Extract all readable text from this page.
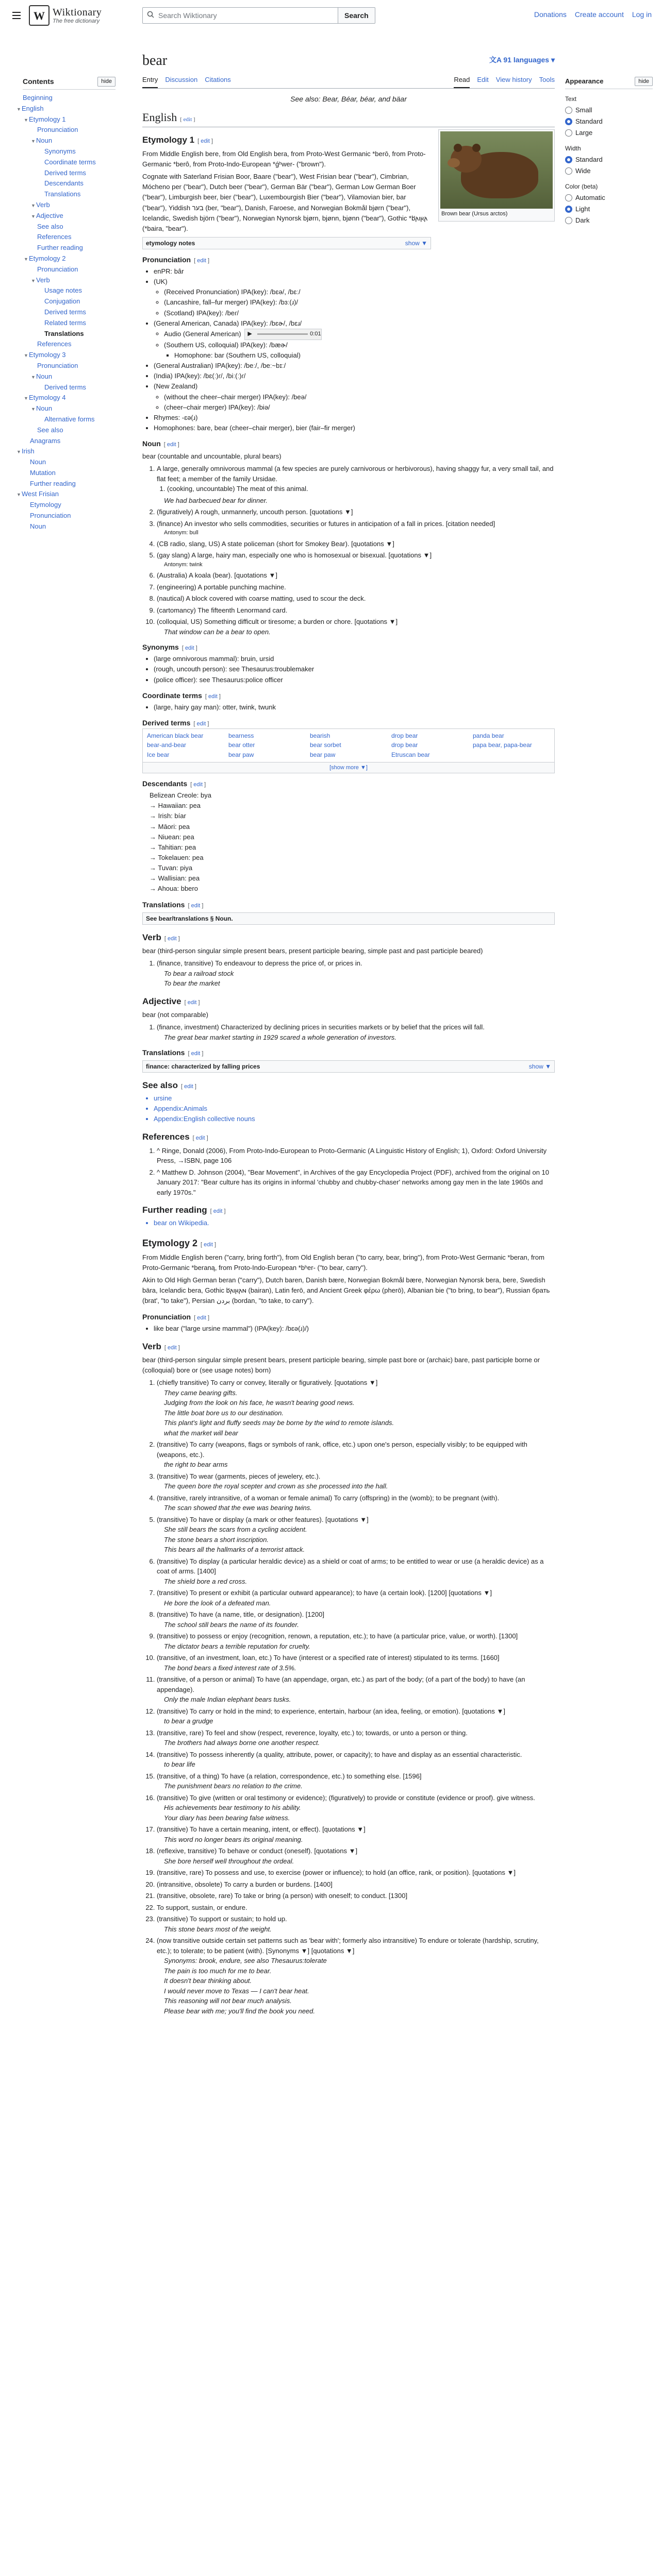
W Wiktionary
The free dictionary
Search Wiktionary	Search	Donations Create account Log in
Contents	hide
Beginning
▼English
▼Etymology 1
Pronunciation
▼Noun
Synonyms
Coordinate terms
Derived terms
Descendants
Translations
▼Verb
▼Adjective
See also
References
Further reading
▼Etymology 2
Pronunciation
▼Verb
Usage notes
Conjugation
Derived terms
Related terms
Translations
References
▼Etymology 3
Pronunciation
▼Noun
Derived terms
▼Etymology 4
▼Noun
Alternative forms
See also
Anagrams
▼Irish
Noun
Mutation
Further reading
▼West Frisian
Etymology
Pronunciation
Noun
Appearance	hide
Text
Small
Standard
Large
Width
Standard
Wide
Color (beta)
Automatic
Light
Dark
bear	文A 91 languages ▾
Entry Discussion Citations	Read Edit View history Tools
See also: Bear, Béar, béar, and bäar
English [ edit ]
Brown bear (Ursus arctos)
Etymology 1 [ edit ]

From Middle English bere, from Old English bera, from Proto-West Germanic *berō, from Proto-Germanic *berô, from Proto-Indo-European *ǵʰwer- ("brown").

Cognate with Saterland Frisian Boor, Baare ("bear"), West Frisian bear ("bear"), Cimbrian, Mócheno per ("bear"), Dutch beer ("bear"), German Bär ("bear"), German Low German Boer ("bear"), Limburgish beer, bier ("bear"), Luxembourgish Bier ("bear"), Vilamovian bier, bar ("bear"), Yiddish בער (ber, "bear"), Danish, Faroese, and Norwegian Bokmål bjørn ("bear"), Icelandic, Swedish björn ("bear"), Norwegian Nynorsk bjørn, bjønn, bjønn ("bear"), Gothic *𐌱𐌰𐌹𐍂𐌰 (*baira, "bear").

etymology notes	show ▼
Pronunciation [ edit ]
• enPR: bâr
• (UK)
◦ (Received Pronunciation) IPA(key): /bɛə/, /bɛː/
◦ (Lancashire, fall–fur merger) IPA(key): /bɜː(ɹ)/
◦ (Scotland) IPA(key): /beɾ/
• (General American, Canada) IPA(key): /bɛɚ/, /bɛɹ/
◦ Audio (General American)	▶	0:01
◦ (Southern US, colloquial) IPA(key): /bæɚ/
▪ Homophone: bar (Southern US, colloquial)
• (General Australian) IPA(key): /beː/, /beː~bɪː/
• (India) IPA(key): /bɛ(ː)ɾ/, /biː(ː)ɾ/
• (New Zealand)
◦ (without the cheer–chair merger) IPA(key): /beə/
◦ (cheer–chair merger) IPA(key): /biə/
• Rhymes: -ɛə(ɹ)
• Homophones: bare, bear (cheer–chair merger), bier (fair–fir merger)
Noun [ edit ]

bear (countable and uncountable, plural bears)

1. A large, generally omnivorous mammal (a few species are purely carnivorous or herbivorous), having shaggy fur, a very small tail, and flat feet; a member of the family Ursidae.
1. (cooking, uncountable) The meat of this animal.
We had barbecued bear for dinner.
2. (figuratively) A rough, unmannerly, uncouth person. [quotations ▼]
3. (finance) An investor who sells commodities, securities or futures in anticipation of a fall in prices. [citation needed]
Antonym: bull
4. (CB radio, slang, US) A state policeman (short for Smokey Bear). [quotations ▼]
5. (gay slang) A large, hairy man, especially one who is homosexual or bisexual. [quotations ▼]
Antonym: twink
6. (Australia) A koala (bear). [quotations ▼]
7. (engineering) A portable punching machine.
8. (nautical) A block covered with coarse matting, used to scour the deck.
9. (cartomancy) The fifteenth Lenormand card.
10. (colloquial, US) Something difficult or tiresome; a burden or chore. [quotations ▼]
That window can be a bear to open.
Synonyms [ edit ]
• (large omnivorous mammal): bruin, ursid
• (rough, uncouth person): see Thesaurus:troublemaker
• (police officer): see Thesaurus:police officer
Coordinate terms [ edit ]
• (large, hairy gay man): otter, twink, twunk
Derived terms [ edit ]
American black bear	bearness	bearish	drop bear	panda bear
bear-and-bear	bear otter	bear sorbet	drop bear	papa bear, papa-bear
Ice bear	bear paw	bear paw	Etruscan bear
[show more ▼]
Descendants [ edit ]
Belizean Creole: bya
→ Hawaiian: pea
→ Irish: bíar
→ Māori: pea
→ Niuean: pea
→ Tahitian: pea
→ Tokelauen: pea
→ Tuvan: piya
→ Wallisian: pea
→ Ahoua: bbero
Translations [ edit ]
See bear/translations § Noun.
Verb [ edit ]

bear (third-person singular simple present bears, present participle bearing, simple past and past participle beared)

1. (finance, transitive) To endeavour to depress the price of, or prices in.
To bear a railroad stock
To bear the market
Adjective [ edit ]

bear (not comparable)

1. (finance, investment) Characterized by declining prices in securities markets or by belief that the prices will fall.
The great bear market starting in 1929 scared a whole generation of investors.
Translations [ edit ]
finance: characterized by falling prices	show ▼
See also [ edit ]
• ursine
• Appendix:Animals
• Appendix:English collective nouns
References [ edit ]
1. ^ Ringe, Donald (2006), From Proto-Indo-European to Proto-Germanic (A Linguistic History of English; 1), Oxford: Oxford University Press, →ISBN, page 106
2. ^ Matthew D. Johnson (2004), "Bear Movement", in Archives of the gay Encyclopedia Project (PDF), archived from the original on 10 January 2017: "Bear culture has its origins in informal 'chubby and chubby-chaser' networks among gay men in the late 1960s and early 1970s."
Further reading [ edit ]
• bear on Wikipedia.
Etymology 2 [ edit ]

From Middle English beren ("carry, bring forth"), from Old English beran ("to carry, bear, bring"), from Proto-West Germanic *beran, from Proto-Germanic *beraną, from Proto-Indo-European *bʰer- ("to bear, carry").

Akin to Old High German beran ("carry"), Dutch baren, Danish bære, Norwegian Bokmål bære, Norwegian Nynorsk bera, bere, Swedish bära, Icelandic bera, Gothic 𐌱𐌰𐌹𐍂𐌰𐌽 (bairan), Latin ferō, and Ancient Greek φέρω (pherō), Albanian bie ("to bring, to bear"), Russian брать (brat', "to take"), Persian بردن (bordan, "to take, to carry").

Pronunciation [ edit ]
• like bear ("large ursine mammal") (IPA(key): /bɛə(ɹ)/)
Verb [ edit ]

bear (third-person singular simple present bears, present participle bearing, simple past bore or (archaic) bare, past participle borne or (colloquial) bore or (see usage notes) born)

1. (chiefly transitive) To carry or convey, literally or figuratively. [quotations ▼]
They came bearing gifts.
Judging from the look on his face, he wasn't bearing good news.
The little boat bore us to our destination.
This plant's light and fluffy seeds may be borne by the wind to remote islands.
what the market will bear
2. (transitive) To carry (weapons, flags or symbols of rank, office, etc.) upon one's person, especially visibly; to be equipped with (weapons, etc.).
the right to bear arms
3. (transitive) To wear (garments, pieces of jewelery, etc.).
The queen bore the royal scepter and crown as she processed into the hall.
4. (transitive, rarely intransitive, of a woman or female animal) To carry (offspring) in the (womb); to be pregnant (with).
The scan showed that the ewe was bearing twins.
5. (transitive) To have or display (a mark or other features). [quotations ▼]
She still bears the scars from a cycling accident.
The stone bears a short inscription.
This bears all the hallmarks of a terrorist attack.
6. (transitive) To display (a particular heraldic device) as a shield or coat of arms; to be entitled to wear or use (a heraldic device) as a coat of arms. [1400]
The shield bore a red cross.
7. (transitive) To present or exhibit (a particular outward appearance); to have (a certain look). [1200] [quotations ▼]
He bore the look of a defeated man.
8. (transitive) To have (a name, title, or designation). [1200]
The school still bears the name of its founder.
9. (transitive) to possess or enjoy (recognition, renown, a reputation, etc.); to have (a particular price, value, or worth). [1300]
The dictator bears a terrible reputation for cruelty.
10. (transitive, of an investment, loan, etc.) To have (interest or a specified rate of interest) stipulated to its terms. [1660]
The bond bears a fixed interest rate of 3.5%.
11. (transitive, of a person or animal) To have (an appendage, organ, etc.) as part of the body; (of a part of the body) to have (an appendage).
Only the male Indian elephant bears tusks.
12. (transitive) To carry or hold in the mind; to experience, entertain, harbour (an idea, feeling, or emotion). [quotations ▼]
to bear a grudge
13. (transitive, rare) To feel and show (respect, reverence, loyalty, etc.) to; towards, or unto a person or thing.
The brothers had always borne one another respect.
14. (transitive) To possess inherently (a quality, attribute, power, or capacity); to have and display as an essential characteristic.
to bear life
15. (transitive, of a thing) To have (a relation, correspondence, etc.) to something else. [1596]
The punishment bears no relation to the crime.
16. (transitive) To give (written or oral testimony or evidence); (figuratively) to provide or constitute (evidence or proof). give witness.
His achievements bear testimony to his ability.
Your diary has been bearing false witness.
17. (transitive) To have a certain meaning, intent, or effect). [quotations ▼]
This word no longer bears its original meaning.
18. (reflexive, transitive) To behave or conduct (oneself). [quotations ▼]
She bore herself well throughout the ordeal.
19. (transitive, rare) To possess and use, to exercise (power or influence); to hold (an office, rank, or position). [quotations ▼]
20. (intransitive, obsolete) To carry a burden or burdens. [1400]
21. (transitive, obsolete, rare) To take or bring (a person) with oneself; to conduct. [1300]
22. To support, sustain, or endure.
23. (transitive) To support or sustain; to hold up.
This stone bears most of the weight.
24. (now transitive outside certain set patterns such as 'bear with'; formerly also intransitive) To endure or tolerate (hardship, scrutiny, etc.); to tolerate; to be patient (with). [Synonyms ▼] [quotations ▼]
Synonyms: brook, endure, see also Thesaurus:tolerate
The pain is too much for me to bear.
It doesn't bear thinking about.
I would never move to Texas — I can't bear heat.
This reasoning will not bear much analysis.
Please bear with me; you'll find the book you need.
